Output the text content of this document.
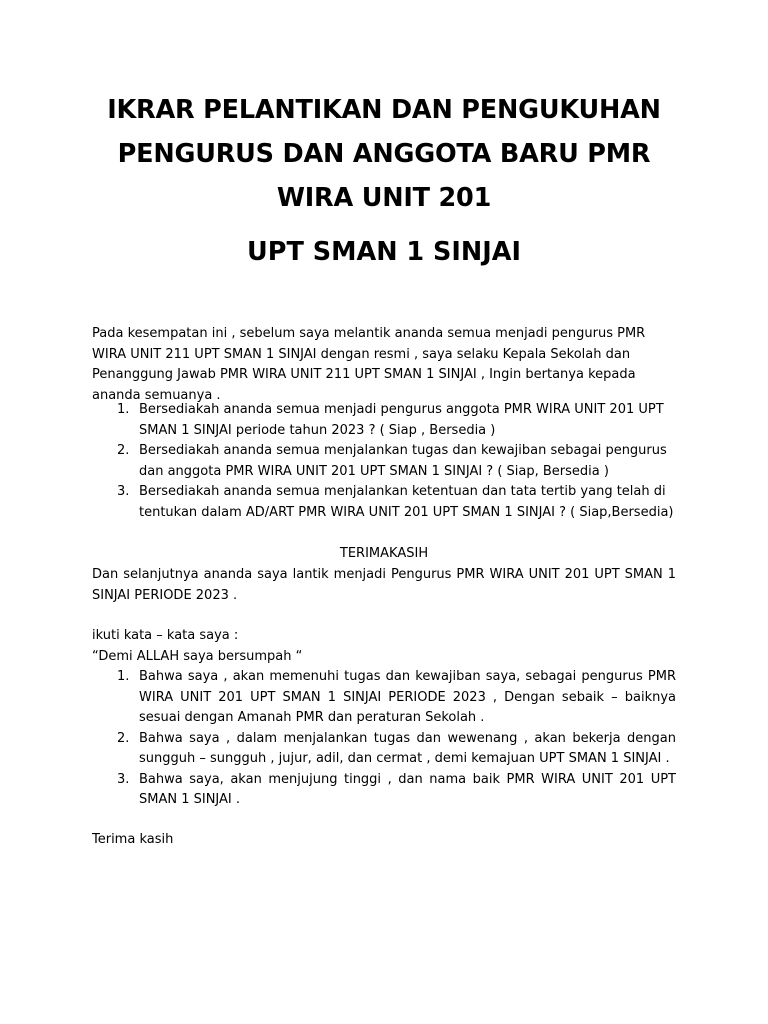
IKRAR PELANTIKAN DAN PENGUKUHAN
PENGURUS DAN ANGGOTA BARU PMR
WIRA UNIT 201
UPT SMAN 1 SINJAI

Pada kesempatan ini , sebelum saya melantik ananda semua menjadi pengurus PMR WIRA UNIT 211 UPT SMAN 1 SINJAI dengan resmi , saya selaku Kepala Sekolah dan Penanggung Jawab PMR WIRA UNIT 211 UPT SMAN 1 SINJAI , Ingin bertanya kepada ananda semuanya .

1. Bersediakah ananda semua menjadi pengurus anggota PMR WIRA UNIT 201 UPT SMAN 1 SINJAI periode tahun 2023 ? ( Siap , Bersedia )
2. Bersediakah ananda semua menjalankan tugas dan kewajiban sebagai pengurus dan anggota PMR WIRA UNIT 201 UPT SMAN 1 SINJAI ? ( Siap, Bersedia )
3. Bersediakah ananda semua menjalankan ketentuan dan tata tertib yang telah di tentukan dalam AD/ART PMR WIRA UNIT 201 UPT SMAN 1 SINJAI ? ( Siap,Bersedia)
TERIMAKASIH
Dan selanjutnya ananda saya lantik menjadi Pengurus PMR WIRA UNIT 201 UPT SMAN 1 SINJAI PERIODE 2023 .
ikuti kata – kata saya :
“Demi ALLAH saya bersumpah “
1. Bahwa saya , akan memenuhi tugas dan kewajiban saya, sebagai pengurus PMR WIRA UNIT 201 UPT SMAN 1 SINJAI PERIODE 2023 , Dengan sebaik – baiknya sesuai dengan Amanah PMR dan peraturan Sekolah .
2. Bahwa saya , dalam menjalankan tugas dan wewenang , akan bekerja dengan sungguh – sungguh , jujur, adil, dan cermat , demi kemajuan UPT SMAN 1 SINJAI .
3. Bahwa saya, akan menjujung tinggi , dan nama baik PMR WIRA UNIT 201 UPT SMAN 1 SINJAI .
Terima kasih
